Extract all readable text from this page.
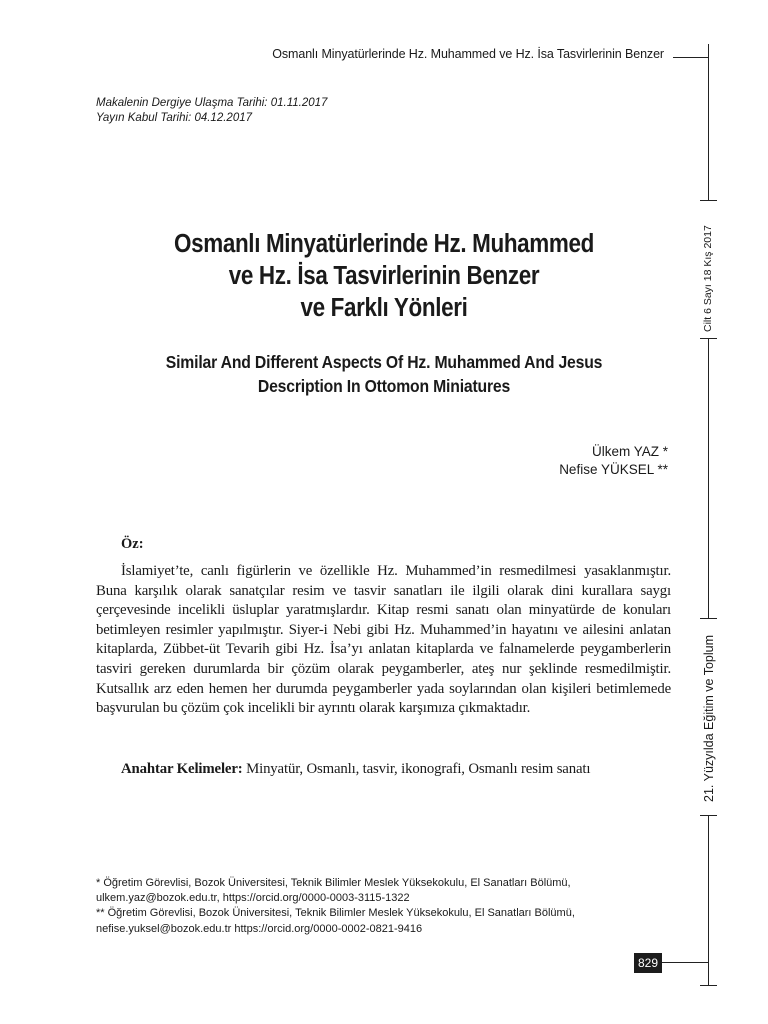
Osmanlı Minyatürlerinde Hz. Muhammed ve Hz. İsa Tasvirlerinin Benzer
Makalenin Dergiye Ulaşma Tarihi: 01.11.2017
Yayın Kabul Tarihi: 04.12.2017
Osmanlı Minyatürlerinde Hz. Muhammed
ve Hz. İsa Tasvirlerinin Benzer
ve Farklı Yönleri
Similar And Different Aspects Of Hz. Muhammed And Jesus
Description In Ottomon Miniatures
Ülkem YAZ *
Nefise YÜKSEL **
Öz:

İslamiyet’te, canlı figürlerin ve özellikle Hz. Muhammed’in resmedilmesi yasaklanmıştır. Buna karşılık olarak sanatçılar resim ve tasvir sanatları ile ilgili olarak dini kurallara saygı çerçevesinde incelikli üsluplar yaratmışlardır. Kitap resmi sanatı olan minyatürde de konuları betimleyen resimler yapılmıştır. Siyer-i Nebi gibi Hz. Muhammed’in hayatını ve ailesini anlatan kitaplarda, Zübbet-üt Tevarih gibi Hz. İsa’yı anlatan kitaplarda ve falnamelerde peygamberlerin tasviri gereken durumlarda bir çözüm olarak peygamberler, ateş nur şeklinde resmedilmiştir. Kutsallık arz eden hemen her durumda peygamberler yada soylarından olan kişileri betimlemede başvurulan bu çözüm çok incelikli bir ayrıntı olarak karşımıza çıkmaktadır.

Anahtar Kelimeler: Minyatür, Osmanlı, tasvir, ikonografi, Osmanlı resim sanatı
* Öğretim Görevlisi, Bozok Üniversitesi, Teknik Bilimler Meslek Yüksekokulu, El Sanatları Bölümü,
ulkem.yaz@bozok.edu.tr, https://orcid.org/0000-0003-3115-1322
** Öğretim Görevlisi, Bozok Üniversitesi, Teknik Bilimler Meslek Yüksekokulu, El Sanatları Bölümü,
nefise.yuksel@bozok.edu.tr https://orcid.org/0000-0002-0821-9416
Cilt 6 Sayı 18 Kış 2017
21. Yüzyılda Eğitim ve Toplum
829
